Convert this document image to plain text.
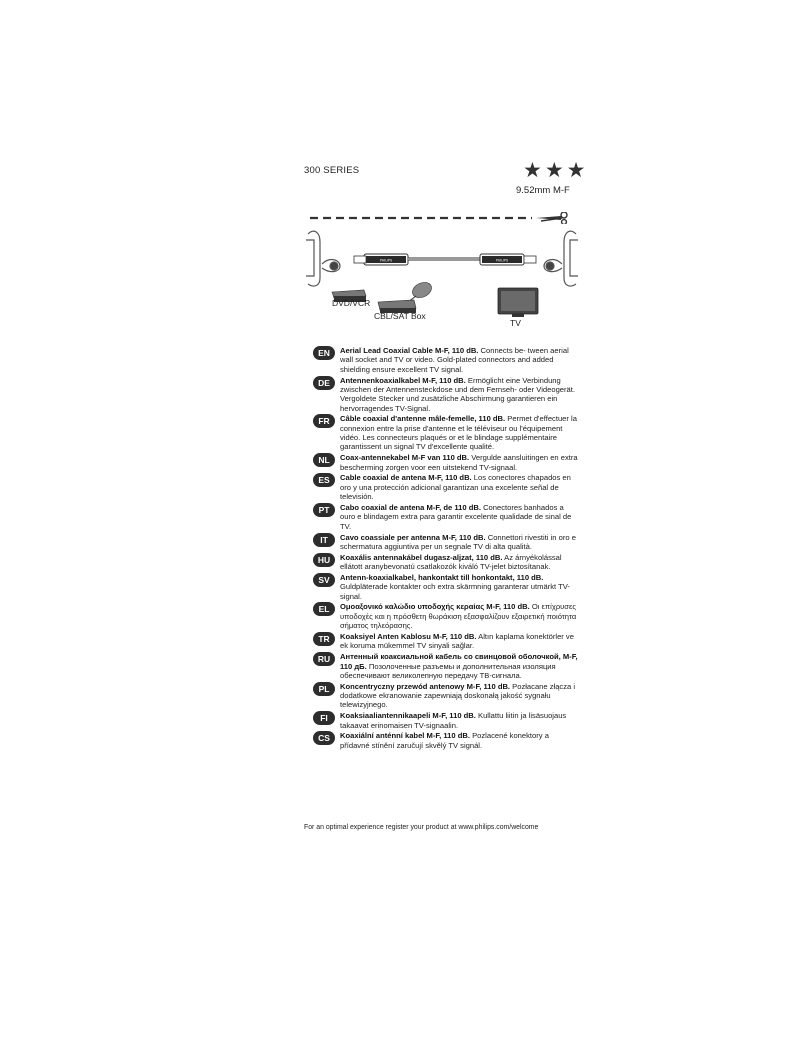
300 SERIES	★★★
9.52mm M-F
PHILIPS	PHILIPS
DVD/VCR
CBL/SAT Box
TV
EN	Aerial Lead Coaxial Cable M-F, 110 dB. Connects be- tween aerial wall socket and TV or video. Gold-plated connectors and added shielding ensure excellent TV signal.
DE	Antennenkoaxialkabel M-F, 110 dB. Ermöglicht eine Verbindung zwischen der Antennensteckdose und dem Fernseh- oder Videogerät. Vergoldete Stecker und zusätzliche Abschirmung garantieren ein hervorragendes TV-Signal.
FR	Câble coaxial d'antenne mâle-femelle, 110 dB. Permet d'effectuer la connexion entre la prise d'antenne et le téléviseur ou l'équipement vidéo. Les connecteurs plaqués or et le blindage supplémentaire garantissent un signal TV d'excellente qualité.
NL	Coax-antennekabel M-F van 110 dB. Vergulde aansluitingen en extra bescherming zorgen voor een uitstekend TV-signaal.
ES	Cable coaxial de antena M-F, 110 dB. Los conectores chapados en oro y una protección adicional garantizan una excelente señal de televisión.
PT	Cabo coaxial de antena M-F, de 110 dB. Conectores banhados a ouro e blindagem extra para garantir excelente qualidade de sinal de TV.
IT	Cavo coassiale per antenna M-F, 110 dB. Connettori rivestiti in oro e schermatura aggiuntiva per un segnale TV di alta qualità.
HU	Koaxális antennakábel dugasz-aljzat, 110 dB. Az árnyékolással ellátott aranybevonatú csatlakozók kiváló TV-jelet biztosítanak.
SV	Antenn-koaxialkabel, hankontakt till honkontakt, 110 dB. Guldpläterade kontakter och extra skärmning garanterar utmärkt TV-signal.
EL	Ομοαξονικό καλώδιο υποδοχής κεραίας M-F, 110 dB. Οι επίχρυσες υποδοχές και η πρόσθετη θωράκιση εξασφαλίζουν εξαιρετική ποιότητα σήματος τηλεόρασης.
TR	Koaksiyel Anten Kablosu M-F, 110 dB. Altın kaplama konektörler ve ek koruma mükemmel TV sinyali sağlar.
RU	Антенный коаксиальной кабель со свинцовой оболочкой, M-F, 110 дБ. Позолоченные разъемы и дополнительная изоляция обеспечивают великолепную передачу ТВ-сигнала.
PL	Koncentryczny przewód antenowy M-F, 110 dB. Pozłacane złącza i dodatkowe ekranowanie zapewniają doskonałą jakość sygnału telewizyjnego.
FI	Koaksiaaliantennikaapeli M-F, 110 dB. Kullattu liitin ja lisäsuojaus takaavat erinomaisen TV-signaalin.
CS	Koaxiální anténní kabel M-F, 110 dB. Pozlacené konektory a přídavné stínění zaručují skvělý TV signál.
For an optimal experience register your product at www.philips.com/welcome
